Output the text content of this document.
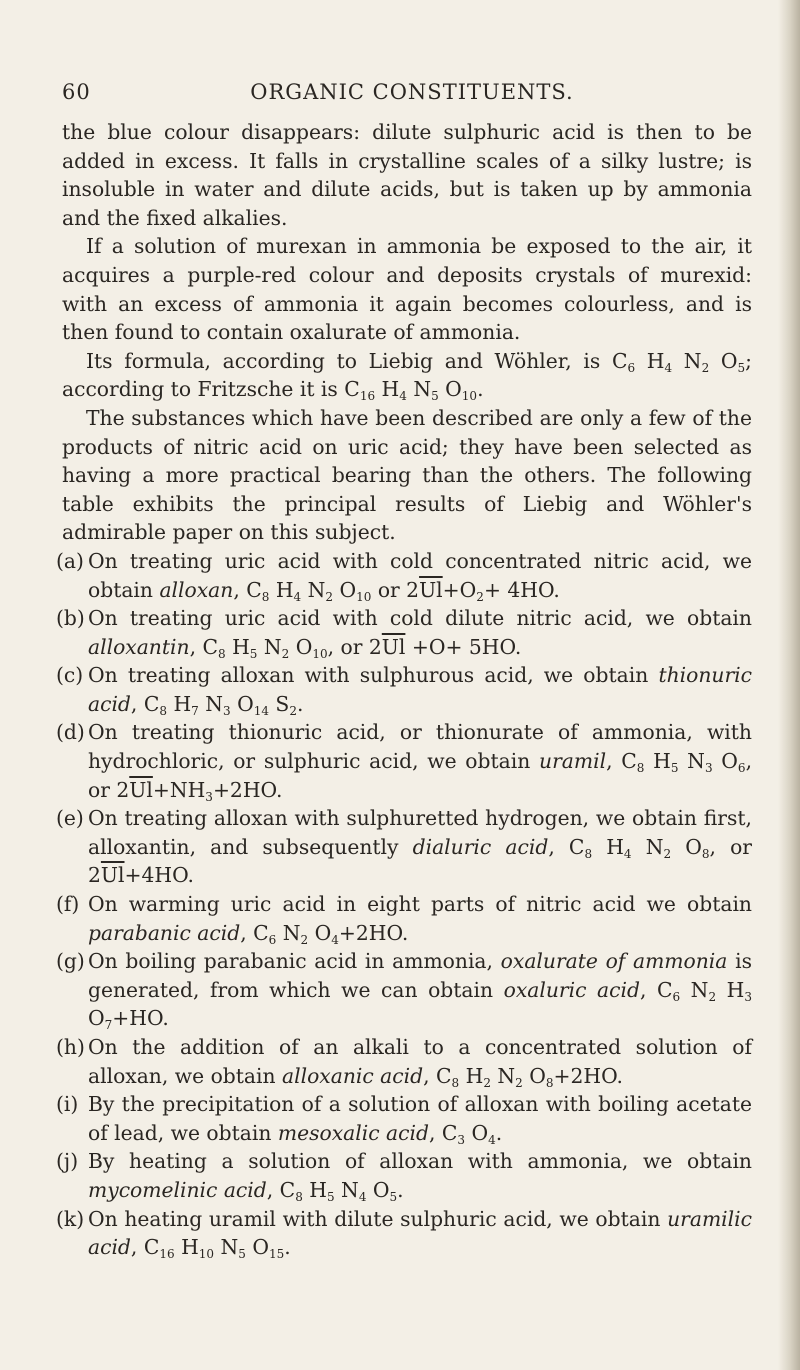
60	ORGANIC CONSTITUENTS.

the blue colour disappears: dilute sulphuric acid is then to be added in excess. It falls in crystalline scales of a silky lustre; is insoluble in water and dilute acids, but is taken up by ammonia and the fixed alkalies.

If a solution of murexan in ammonia be exposed to the air, it acquires a purple-red colour and deposits crystals of murexid: with an excess of ammonia it again becomes colourless, and is then found to contain oxalurate of ammonia.

Its formula, according to Liebig and Wöhler, is $C_6$ $H_4$ $N_2$ $O_5$; according to Fritzsche it is $C_{16}$ $H_4$ $N_5$ $O_{10}$.

The substances which have been described are only a few of the products of nitric acid on uric acid; they have been selected as having a more practical bearing than the others. The following table exhibits the principal results of Liebig and Wöhler's admirable paper on this subject.

(a) On treating uric acid with cold concentrated nitric acid, we obtain alloxan, $C_8$ $H_4$ $N_2$ $O_{10}$ or $2\overline{Ul}+O_2+ 4HO$.

(b) On treating uric acid with cold dilute nitric acid, we obtain alloxantin, $C_8$ $H_5$ $N_2$ $O_{10}$, or $2\overline{Ul} +O+ 5HO$.

(c) On treating alloxan with sulphurous acid, we obtain thionuric acid, $C_8$ $H_7$ $N_3$ $O_{14}$ $S_2$.

(d) On treating thionuric acid, or thionurate of ammonia, with hydrochloric, or sulphuric acid, we obtain uramil, $C_8$ $H_5$ $N_3$ $O_6$, or $2\overline{Ul}+NH_3+2HO$.

(e) On treating alloxan with sulphuretted hydrogen, we obtain first, alloxantin, and subsequently dialuric acid, $C_8$ $H_4$ $N_2$ $O_8$, or $2\overline{Ul}+4HO$.

(f) On warming uric acid in eight parts of nitric acid we obtain parabanic acid, $C_6$ $N_2$ $O_4+2HO$.

(g) On boiling parabanic acid in ammonia, oxalurate of ammonia is generated, from which we can obtain oxaluric acid, $C_6$ $N_2$ $H_3$ $O_7+HO$.

(h) On the addition of an alkali to a concentrated solution of alloxan, we obtain alloxanic acid, $C_8$ $H_2$ $N_2$ $O_8+2HO$.

(i) By the precipitation of a solution of alloxan with boiling acetate of lead, we obtain mesoxalic acid, $C_3$ $O_4$.

(j) By heating a solution of alloxan with ammonia, we obtain mycomelinic acid, $C_8$ $H_5$ $N_4$ $O_5$.

(k) On heating uramil with dilute sulphuric acid, we obtain uramilic acid, $C_{16}$ $H_{10}$ $N_5$ $O_{15}$.
